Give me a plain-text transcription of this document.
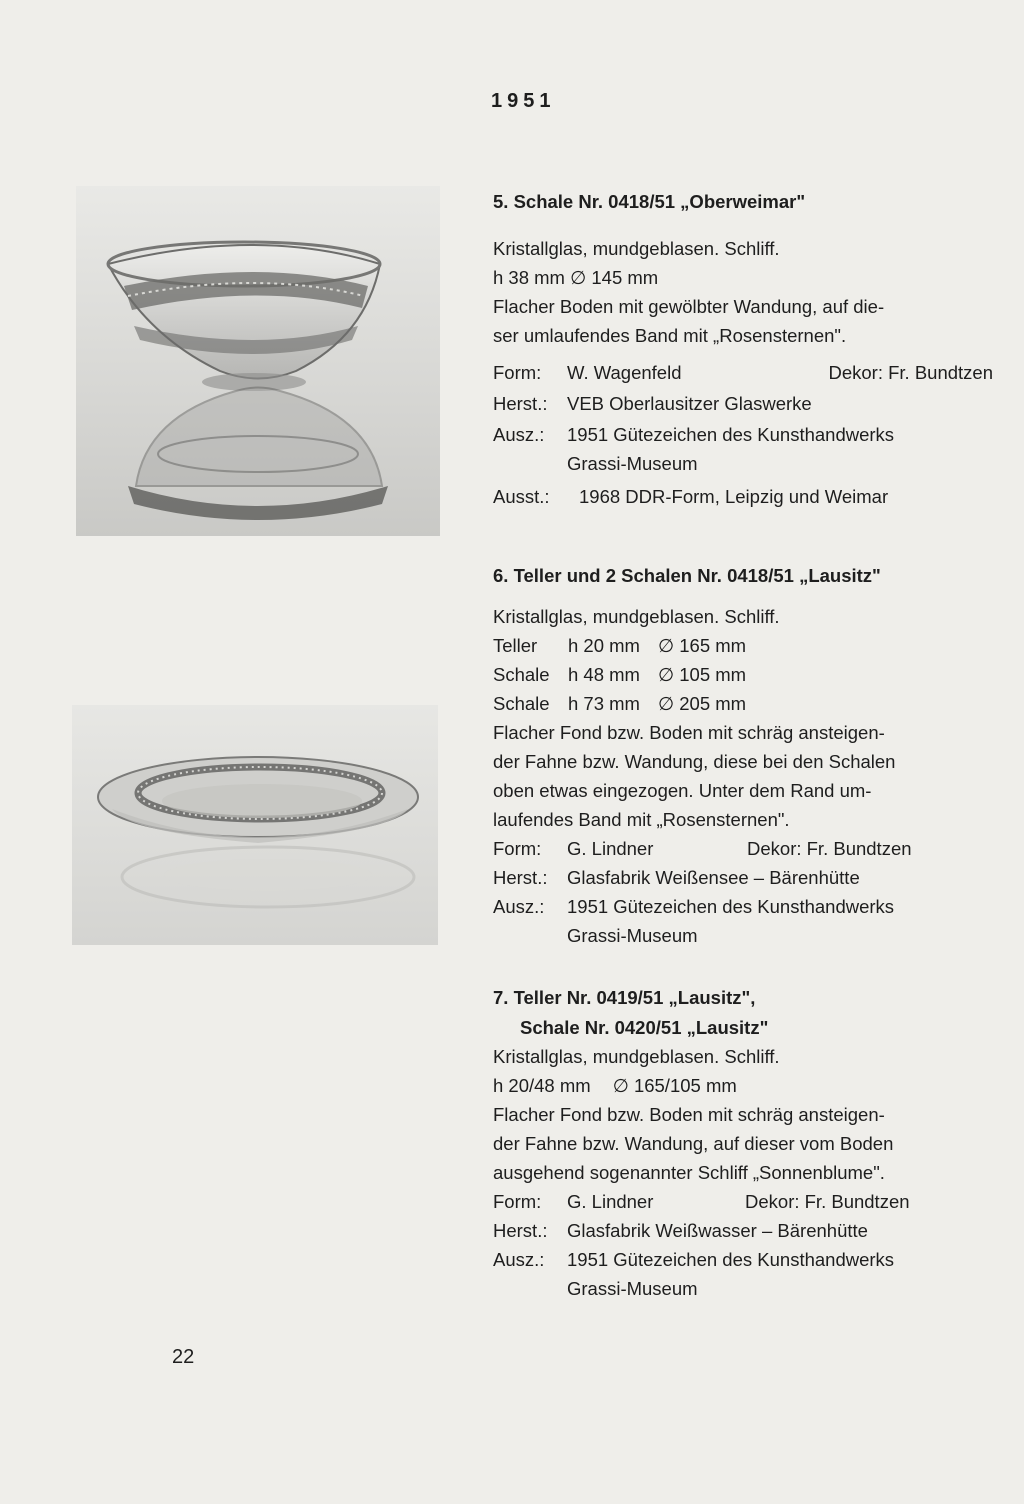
1951

5. Schale Nr. 0418/51 „Oberweimar"

Kristallglas, mundgeblasen. Schliff.

h 38 mm ∅ 145 mm

Flacher Boden mit gewölbter Wandung, auf die-

ser umlaufendes Band mit „Rosensternen".

Form:	W. Wagenfeld	Dekor: Fr. Bundtzen
Herst.:	VEB Oberlausitzer Glaswerke
Ausz.:	1951 Gütezeichen des Kunsthandwerks
Grassi-Museum
Ausst.:	1968 DDR-Form, Leipzig und Weimar

6. Teller und 2 Schalen Nr. 0418/51 „Lausitz"

Kristallglas, mundgeblasen. Schliff.

Teller	h 20 mm ∅ 165 mm
Schale h 48 mm ∅ 105 mm
Schale h 73 mm ∅ 205 mm

Flacher Fond bzw. Boden mit schräg ansteigen-

der Fahne bzw. Wandung, diese bei den Schalen

oben etwas eingezogen. Unter dem Rand um-

laufendes Band mit „Rosensternen".

Form:	G. Lindner	Dekor: Fr. Bundtzen
Herst.:	Glasfabrik Weißensee – Bärenhütte
Ausz.:	1951 Gütezeichen des Kunsthandwerks
Grassi-Museum

7. Teller Nr. 0419/51 „Lausitz",

Schale Nr. 0420/51 „Lausitz"

Kristallglas, mundgeblasen. Schliff.

h 20/48 mm ∅ 165/105 mm

Flacher Fond bzw. Boden mit schräg ansteigen-

der Fahne bzw. Wandung, auf dieser vom Boden

ausgehend sogenannter Schliff „Sonnenblume".

Form:	G. Lindner	Dekor: Fr. Bundtzen
Herst.:	Glasfabrik Weißwasser – Bärenhütte
Ausz.:	1951 Gütezeichen des Kunsthandwerks
Grassi-Museum
22
